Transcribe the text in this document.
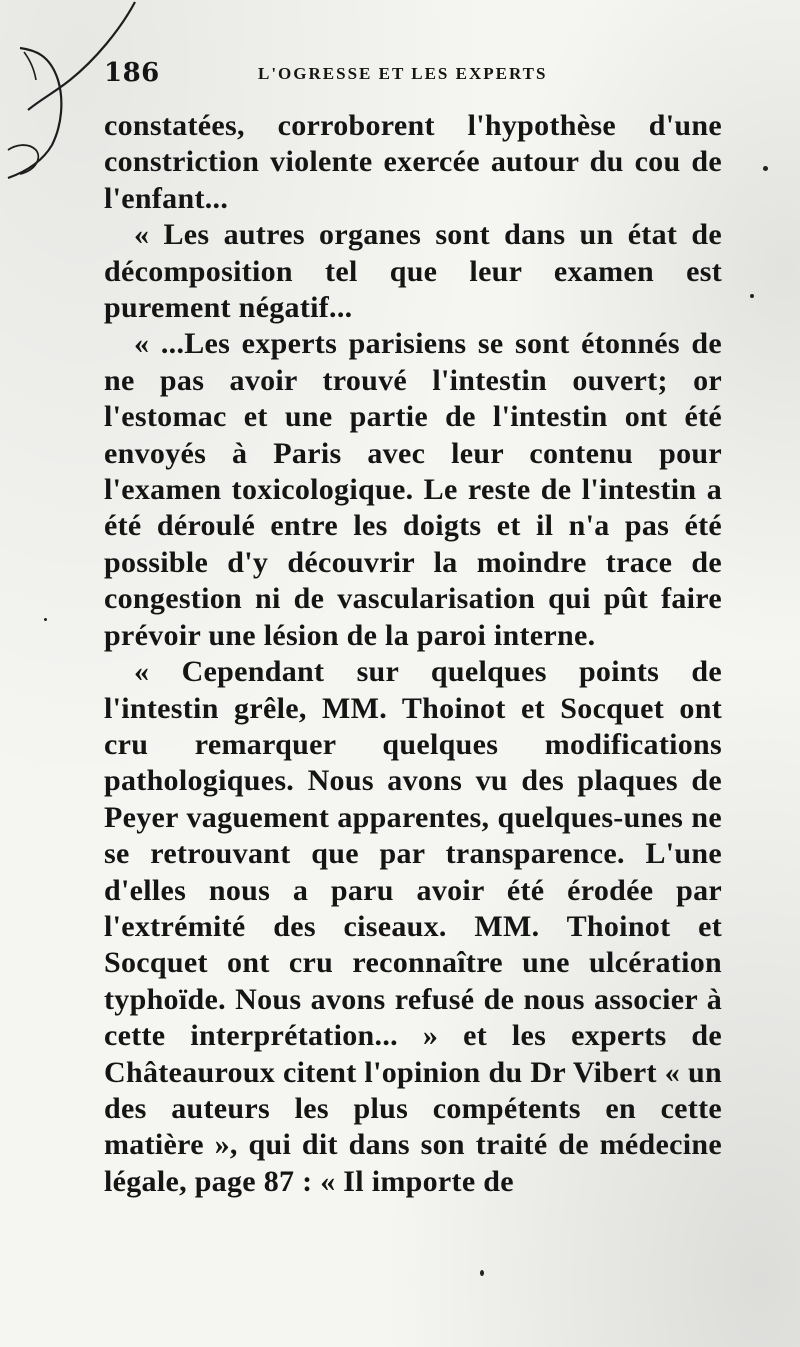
186	L'OGRESSE ET LES EXPERTS

constatées, corroborent l'hypothèse d'une constriction violente exercée autour du cou de l'enfant...

« Les autres organes sont dans un état de décomposition tel que leur examen est purement négatif...

« ...Les experts parisiens se sont étonnés de ne pas avoir trouvé l'intestin ouvert; or l'estomac et une partie de l'intestin ont été envoyés à Paris avec leur contenu pour l'examen toxicologique. Le reste de l'intestin a été déroulé entre les doigts et il n'a pas été possible d'y découvrir la moindre trace de congestion ni de vascularisation qui pût faire prévoir une lésion de la paroi interne.

« Cependant sur quelques points de l'intestin grêle, MM. Thoinot et Socquet ont cru remarquer quelques modifications pathologiques. Nous avons vu des plaques de Peyer vaguement apparentes, quelques-unes ne se retrouvant que par transparence. L'une d'elles nous a paru avoir été érodée par l'extrémité des ciseaux. MM. Thoinot et Socquet ont cru reconnaître une ulcération typhoïde. Nous avons refusé de nous associer à cette interprétation... » et les experts de Châteauroux citent l'opinion du Dr Vibert « un des auteurs les plus compétents en cette matière », qui dit dans son traité de médecine légale, page 87 : « Il importe de
